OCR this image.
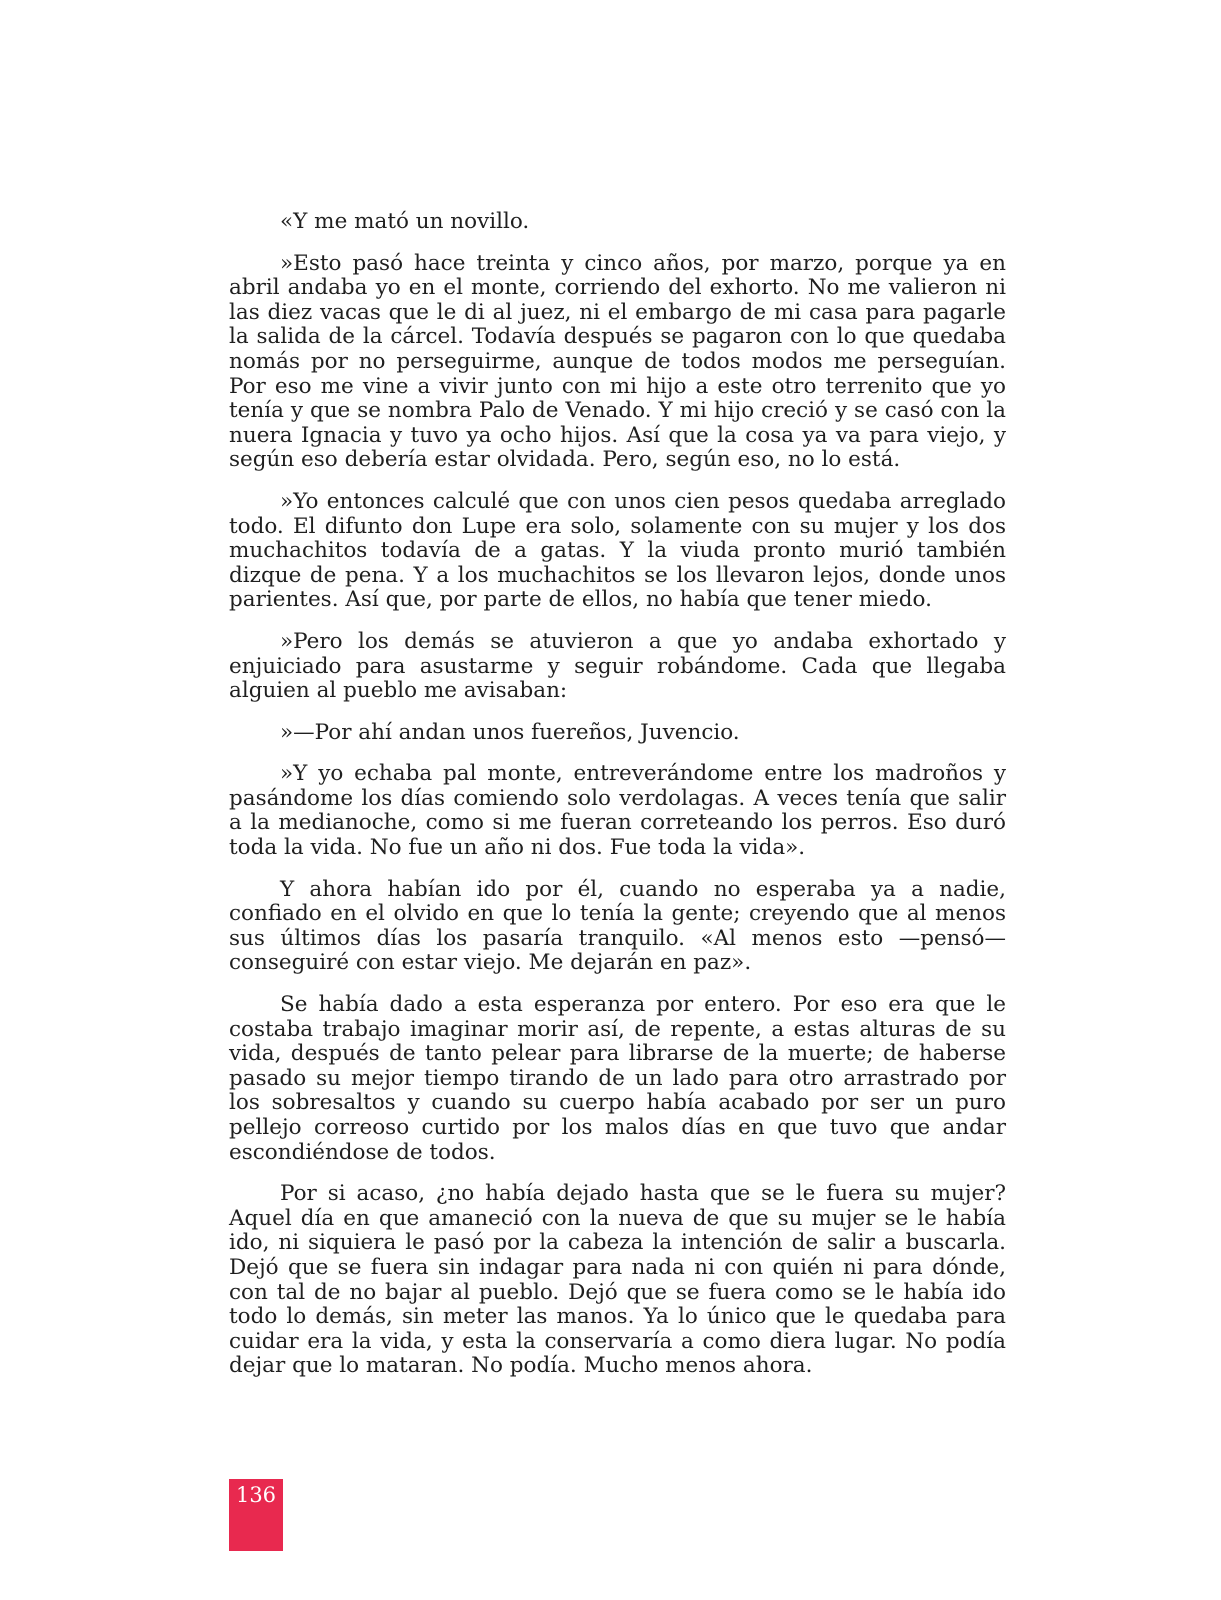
«Y me mató un novillo.

»Esto pasó hace treinta y cinco años, por marzo, porque ya en abril andaba yo en el monte, corriendo del exhorto. No me valieron ni las diez vacas que le di al juez, ni el embargo de mi casa para pagarle la salida de la cárcel. Todavía después se pagaron con lo que quedaba nomás por no perseguirme, aunque de todos modos me perseguían. Por eso me vine a vivir junto con mi hijo a este otro terrenito que yo tenía y que se nombra Palo de Venado. Y mi hijo creció y se casó con la nuera Ignacia y tuvo ya ocho hijos. Así que la cosa ya va para viejo, y según eso debería estar olvidada. Pero, según eso, no lo está.

»Yo entonces calculé que con unos cien pesos quedaba arreglado todo. El difunto don Lupe era solo, solamente con su mujer y los dos muchachitos todavía de a gatas. Y la viuda pronto murió también dizque de pena. Y a los muchachitos se los llevaron lejos, donde unos parientes. Así que, por parte de ellos, no había que tener miedo.

»Pero los demás se atuvieron a que yo andaba exhortado y enjuiciado para asustarme y seguir robándome. Cada que llegaba alguien al pueblo me avisaban:

»—Por ahí andan unos fuereños, Juvencio.

»Y yo echaba pal monte, entreverándome entre los madroños y pasándome los días comiendo solo verdolagas. A veces tenía que salir a la medianoche, como si me fueran correteando los perros. Eso duró toda la vida. No fue un año ni dos. Fue toda la vida».

Y ahora habían ido por él, cuando no esperaba ya a nadie, confiado en el olvido en que lo tenía la gente; creyendo que al menos sus últimos días los pasaría tranquilo. «Al menos esto —pensó— conseguiré con estar viejo. Me dejarán en paz».

Se había dado a esta esperanza por entero. Por eso era que le costaba trabajo imaginar morir así, de repente, a estas alturas de su vida, después de tanto pelear para librarse de la muerte; de haberse pasado su mejor tiempo tirando de un lado para otro arrastrado por los sobresaltos y cuando su cuerpo había acabado por ser un puro pellejo correoso curtido por los malos días en que tuvo que andar escondiéndose de todos.

Por si acaso, ¿no había dejado hasta que se le fuera su mujer? Aquel día en que amaneció con la nueva de que su mujer se le había ido, ni siquiera le pasó por la cabeza la intención de salir a buscarla. Dejó que se fuera sin indagar para nada ni con quién ni para dónde, con tal de no bajar al pueblo. Dejó que se fuera como se le había ido todo lo demás, sin meter las manos. Ya lo único que le quedaba para cuidar era la vida, y esta la conservaría a como diera lugar. No podía dejar que lo mataran. No podía. Mucho menos ahora.

136
